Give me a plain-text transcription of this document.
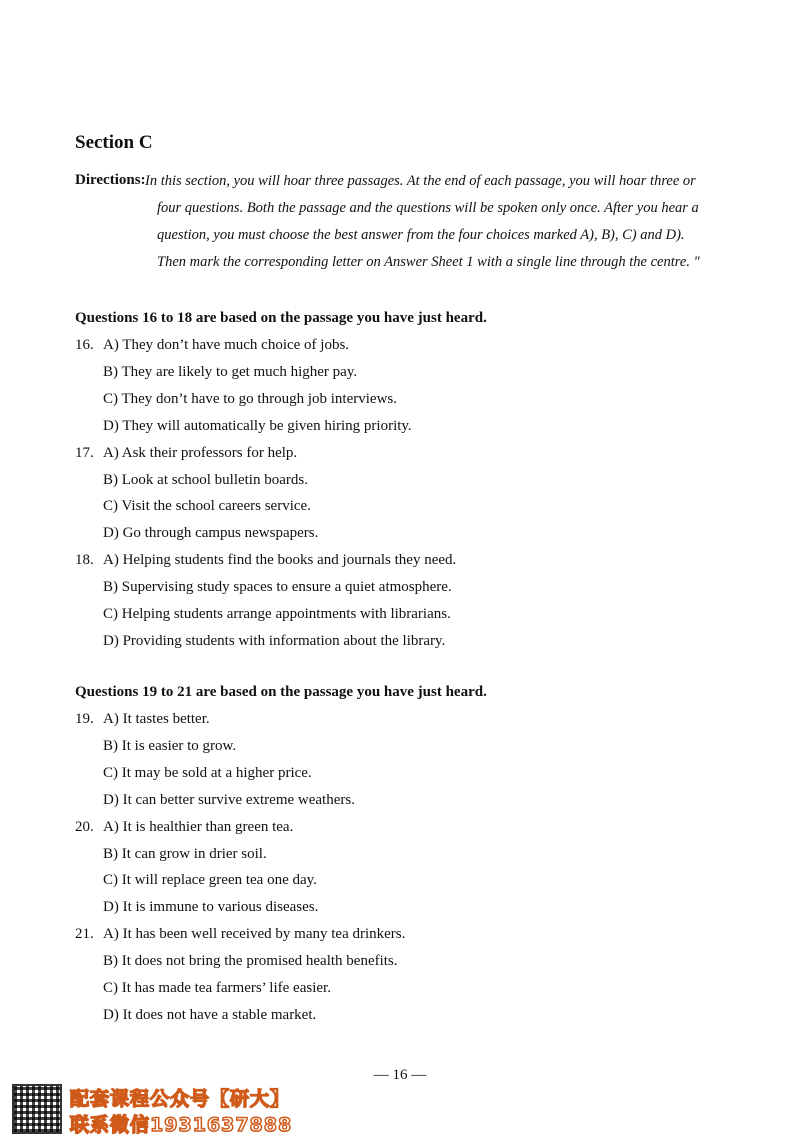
Section C
Directions: In this section, you will hoar three passages. At the end of each passage, you will hoar three or
four questions. Both the passage and the questions will be spoken only once. After you hear a
question, you must choose the best answer from the four choices marked A), B), C) and D).
Then mark the corresponding letter on Answer Sheet 1 with a single line through the centre. "
Questions 16 to 18 are based on the passage you have just heard.
16. A) They don’t have much choice of jobs.
B) They are likely to get much higher pay.
C) They don’t have to go through job interviews.
D) They will automatically be given hiring priority.
17. A) Ask their professors for help.
B) Look at school bulletin boards.
C) Visit the school careers service.
D) Go through campus newspapers.
18. A) Helping students find the books and journals they need.
B) Supervising study spaces to ensure a quiet atmosphere.
C) Helping students arrange appointments with librarians.
D) Providing students with information about the library.
Questions 19 to 21 are based on the passage you have just heard.
19. A) It tastes better.
B) It is easier to grow.
C) It may be sold at a higher price.
D) It can better survive extreme weathers.
20. A) It is healthier than green tea.
B) It can grow in drier soil.
C) It will replace green tea one day.
D) It is immune to various diseases.
21. A) It has been well received by many tea drinkers.
B) It does not bring the promised health benefits.
C) It has made tea farmers’ life easier.
D) It does not have a stable market.
— 16 —
配套课程公众号【研大】
联系微信1931637888
